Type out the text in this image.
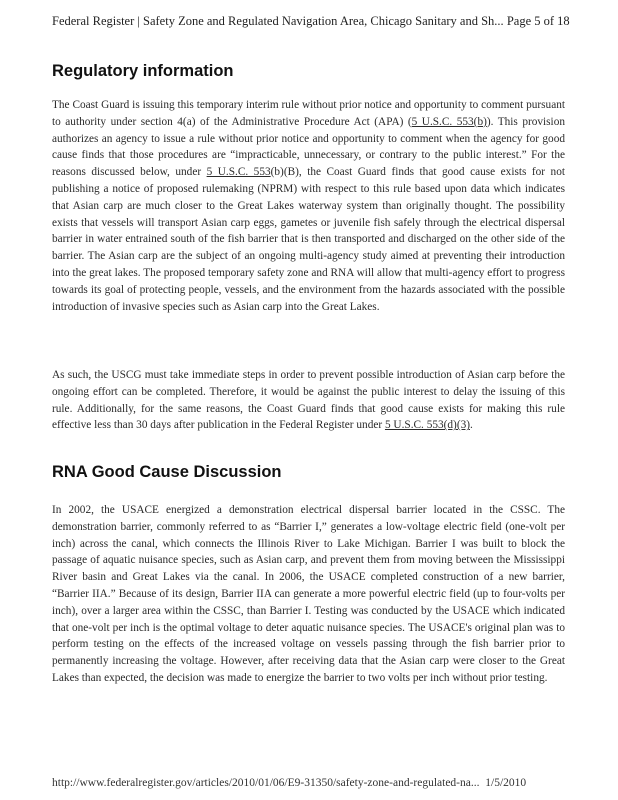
Federal Register | Safety Zone and Regulated Navigation Area, Chicago Sanitary and Sh... Page 5 of 18
Regulatory information

The Coast Guard is issuing this temporary interim rule without prior notice and opportunity to comment pursuant to authority under section 4(a) of the Administrative Procedure Act (APA) (5 U.S.C. 553(b)). This provision authorizes an agency to issue a rule without prior notice and opportunity to comment when the agency for good cause finds that those procedures are “impracticable, unnecessary, or contrary to the public interest.” For the reasons discussed below, under 5 U.S.C. 553(b)(B), the Coast Guard finds that good cause exists for not publishing a notice of proposed rulemaking (NPRM) with respect to this rule based upon data which indicates that Asian carp are much closer to the Great Lakes waterway system than originally thought. The possibility exists that vessels will transport Asian carp eggs, gametes or juvenile fish safely through the electrical dispersal barrier in water entrained south of the fish barrier that is then transported and discharged on the other side of the barrier. The Asian carp are the subject of an ongoing multi-agency study aimed at preventing their introduction into the great lakes. The proposed temporary safety zone and RNA will allow that multi-agency effort to progress towards its goal of protecting people, vessels, and the environment from the hazards associated with the possible introduction of invasive species such as Asian carp into the Great Lakes.

As such, the USCG must take immediate steps in order to prevent possible introduction of Asian carp before the ongoing effort can be completed. Therefore, it would be against the public interest to delay the issuing of this rule. Additionally, for the same reasons, the Coast Guard finds that good cause exists for making this rule effective less than 30 days after publication in the Federal Register under 5 U.S.C. 553(d)(3).

RNA Good Cause Discussion

In 2002, the USACE energized a demonstration electrical dispersal barrier located in the CSSC. The demonstration barrier, commonly referred to as “Barrier I,” generates a low-voltage electric field (one-volt per inch) across the canal, which connects the Illinois River to Lake Michigan. Barrier I was built to block the passage of aquatic nuisance species, such as Asian carp, and prevent them from moving between the Mississippi River basin and Great Lakes via the canal. In 2006, the USACE completed construction of a new barrier, “Barrier IIA.” Because of its design, Barrier IIA can generate a more powerful electric field (up to four-volts per inch), over a larger area within the CSSC, than Barrier I. Testing was conducted by the USACE which indicated that one-volt per inch is the optimal voltage to deter aquatic nuisance species. The USACE's original plan was to perform testing on the effects of the increased voltage on vessels passing through the fish barrier prior to permanently increasing the voltage. However, after receiving data that the Asian carp were closer to the Great Lakes than expected, the decision was made to energize the barrier to two volts per inch without prior testing.

http://www.federalregister.gov/articles/2010/01/06/E9-31350/safety-zone-and-regulated-na... 1/5/2010
